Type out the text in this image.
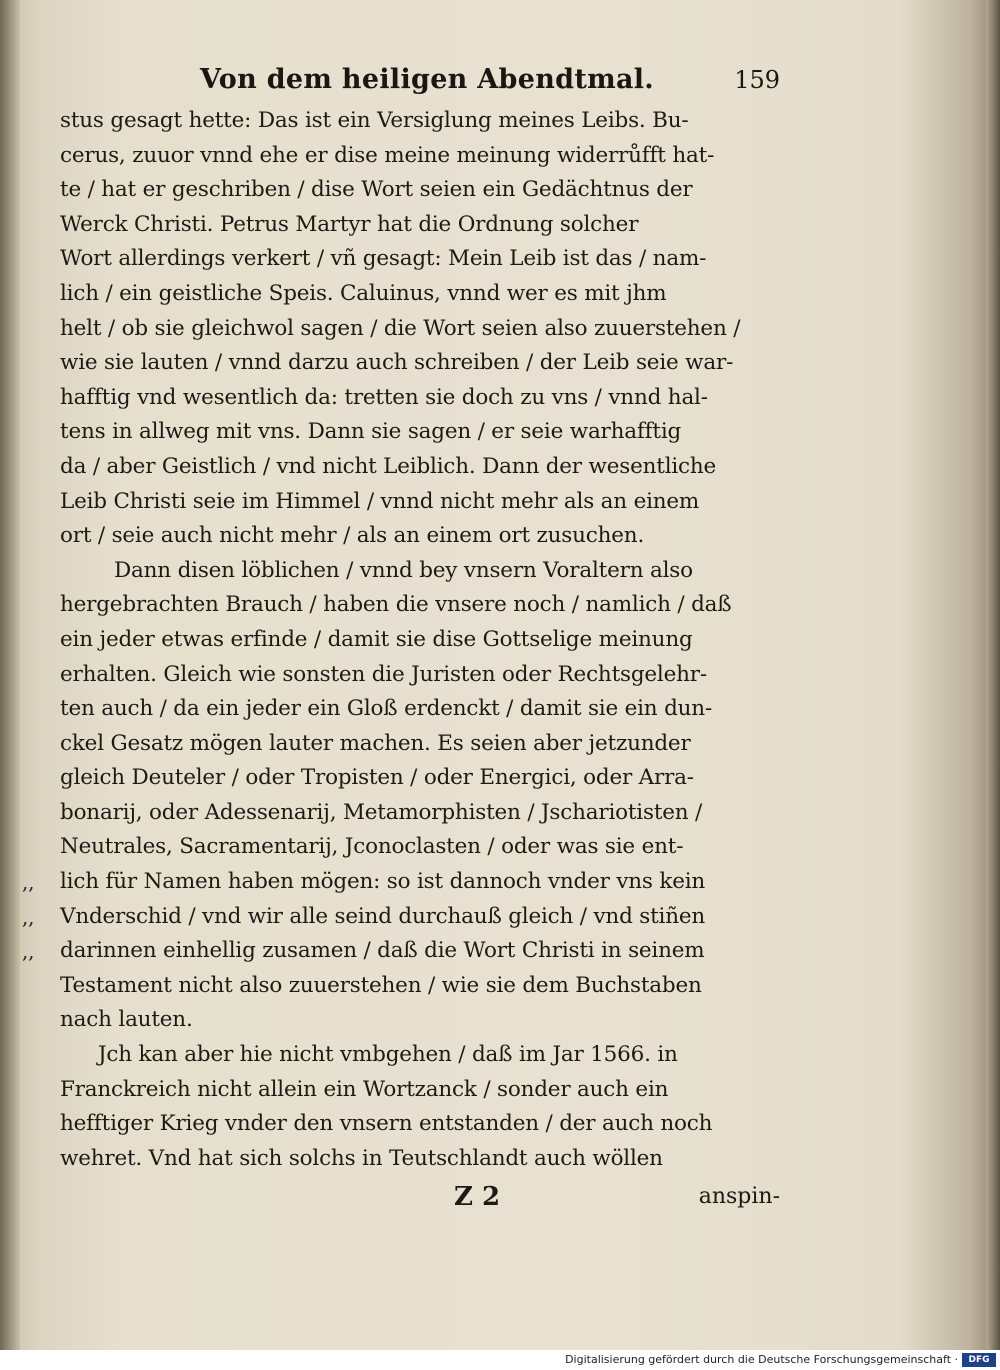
Von dem heiligen Abendtmal.	159
stus gesagt hette: Das ist ein Versiglung meines Leibs. Bu-
cerus, zuuor vnnd ehe er dise meine meinung widerrůfft hat-
te / hat er geschriben / dise Wort seien ein Gedächtnus der
Werck Christi. Petrus Martyr hat die Ordnung solcher
Wort allerdings verkert / vñ gesagt: Mein Leib ist das / nam-
lich / ein geistliche Speis. Caluinus, vnnd wer es mit jhm
helt / ob sie gleichwol sagen / die Wort seien also zuuerstehen /
wie sie lauten / vnnd darzu auch schreiben / der Leib seie war-
hafftig vnd wesentlich da: tretten sie doch zu vns / vnnd hal-
tens in allweg mit vns. Dann sie sagen / er seie warhafftig
da / aber Geistlich / vnd nicht Leiblich. Dann der wesentliche
Leib Christi seie im Himmel / vnnd nicht mehr als an einem
ort / seie auch nicht mehr / als an einem ort zusuchen.
Dann disen löblichen / vnnd bey vnsern Voraltern also
hergebrachten Brauch / haben die vnsere noch / namlich / daß
ein jeder etwas erfinde / damit sie dise Gottselige meinung
erhalten. Gleich wie sonsten die Juristen oder Rechtsgelehr-
ten auch / da ein jeder ein Gloß erdenckt / damit sie ein dun-
ckel Gesatz mögen lauter machen. Es seien aber jetzunder
gleich Deuteler / oder Tropisten / oder Energici, oder Arra-
bonarij, oder Adessenarij, Metamorphisten / Jschariotisten /
Neutrales, Sacramentarij, Jconoclasten / oder was sie ent-
,, lich für Namen haben mögen: so ist dannoch vnder vns kein
,, Vnderschid / vnd wir alle seind durchauß gleich / vnd stiñen
,, darinnen einhellig zusamen / daß die Wort Christi in seinem
Testament nicht also zuuerstehen / wie sie dem Buchstaben
nach lauten.
Jch kan aber hie nicht vmbgehen / daß im Jar 1566. in
Franckreich nicht allein ein Wortzanck / sonder auch ein
hefftiger Krieg vnder den vnsern entstanden / der auch noch
wehret. Vnd hat sich solchs in Teutschlandt auch wöllen
Z 2	anspin-
Digitalisierung gefördert durch die Deutsche Forschungsgemeinschaft ·	DFG
